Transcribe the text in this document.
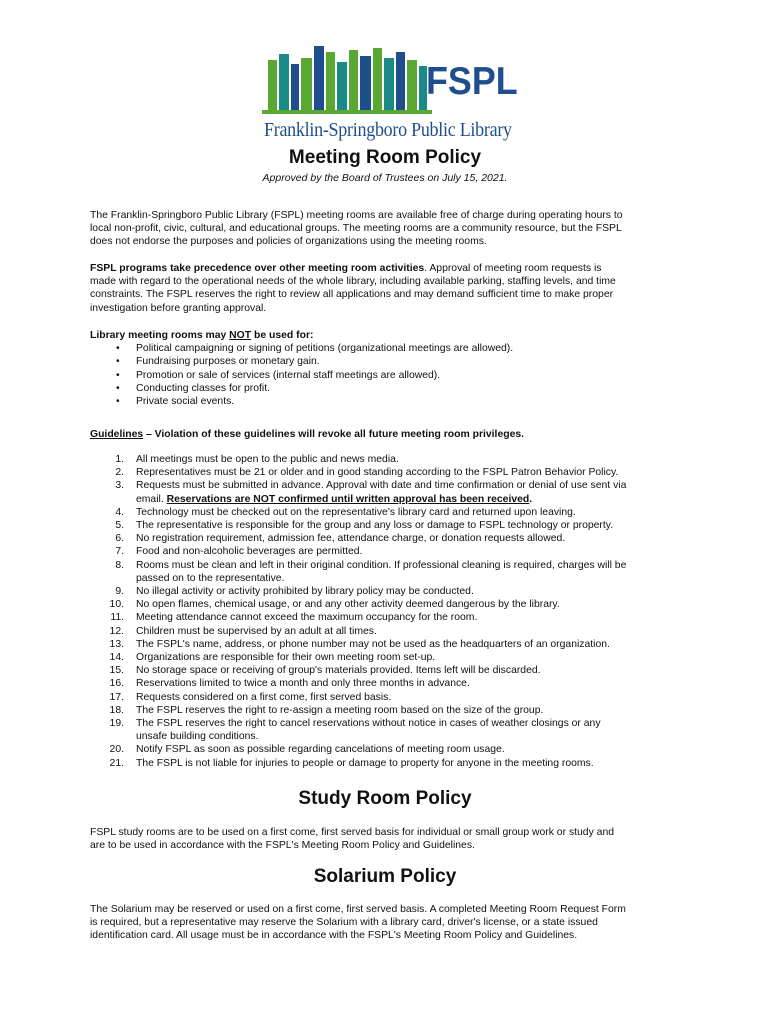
FSPL
Franklin-Springboro Public Library
Meeting Room Policy

Approved by the Board of Trustees on July 15, 2021.

The Franklin-Springboro Public Library (FSPL) meeting rooms are available free of charge during operating hours to
local non-profit, civic, cultural, and educational groups. The meeting rooms are a community resource, but the FSPL
does not endorse the purposes and policies of organizations using the meeting rooms.

FSPL programs take precedence over other meeting room activities. Approval of meeting room requests is
made with regard to the operational needs of the whole library, including available parking, staffing levels, and time
constraints. The FSPL reserves the right to review all applications and may demand sufficient time to make proper
investigation before granting approval.

Library meeting rooms may NOT be used for:
• Political campaigning or signing of petitions (organizational meetings are allowed).
• Fundraising purposes or monetary gain.
• Promotion or sale of services (internal staff meetings are allowed).
• Conducting classes for profit.
• Private social events.

Guidelines – Violation of these guidelines will revoke all future meeting room privileges.

1. All meetings must be open to the public and news media.
2. Representatives must be 21 or older and in good standing according to the FSPL Patron Behavior Policy.
3. Requests must be submitted in advance. Approval with date and time confirmation or denial of use sent via
email. Reservations are NOT confirmed until written approval has been received.
4. Technology must be checked out on the representative's library card and returned upon leaving.
5. The representative is responsible for the group and any loss or damage to FSPL technology or property.
6. No registration requirement, admission fee, attendance charge, or donation requests allowed.
7. Food and non-alcoholic beverages are permitted.
8. Rooms must be clean and left in their original condition. If professional cleaning is required, charges will be
passed on to the representative.
9. No illegal activity or activity prohibited by library policy may be conducted.
10. No open flames, chemical usage, or and any other activity deemed dangerous by the library.
11. Meeting attendance cannot exceed the maximum occupancy for the room.
12. Children must be supervised by an adult at all times.
13. The FSPL's name, address, or phone number may not be used as the headquarters of an organization.
14. Organizations are responsible for their own meeting room set-up.
15. No storage space or receiving of group's materials provided. Items left will be discarded.
16. Reservations limited to twice a month and only three months in advance.
17. Requests considered on a first come, first served basis.
18. The FSPL reserves the right to re-assign a meeting room based on the size of the group.
19. The FSPL reserves the right to cancel reservations without notice in cases of weather closings or any
unsafe building conditions.
20. Notify FSPL as soon as possible regarding cancelations of meeting room usage.
21. The FSPL is not liable for injuries to people or damage to property for anyone in the meeting rooms.
Study Room Policy

FSPL study rooms are to be used on a first come, first served basis for individual or small group work or study and
are to be used in accordance with the FSPL's Meeting Room Policy and Guidelines.

Solarium Policy

The Solarium may be reserved or used on a first come, first served basis. A completed Meeting Room Request Form
is required, but a representative may reserve the Solarium with a library card, driver's license, or a state issued
identification card. All usage must be in accordance with the FSPL's Meeting Room Policy and Guidelines.
